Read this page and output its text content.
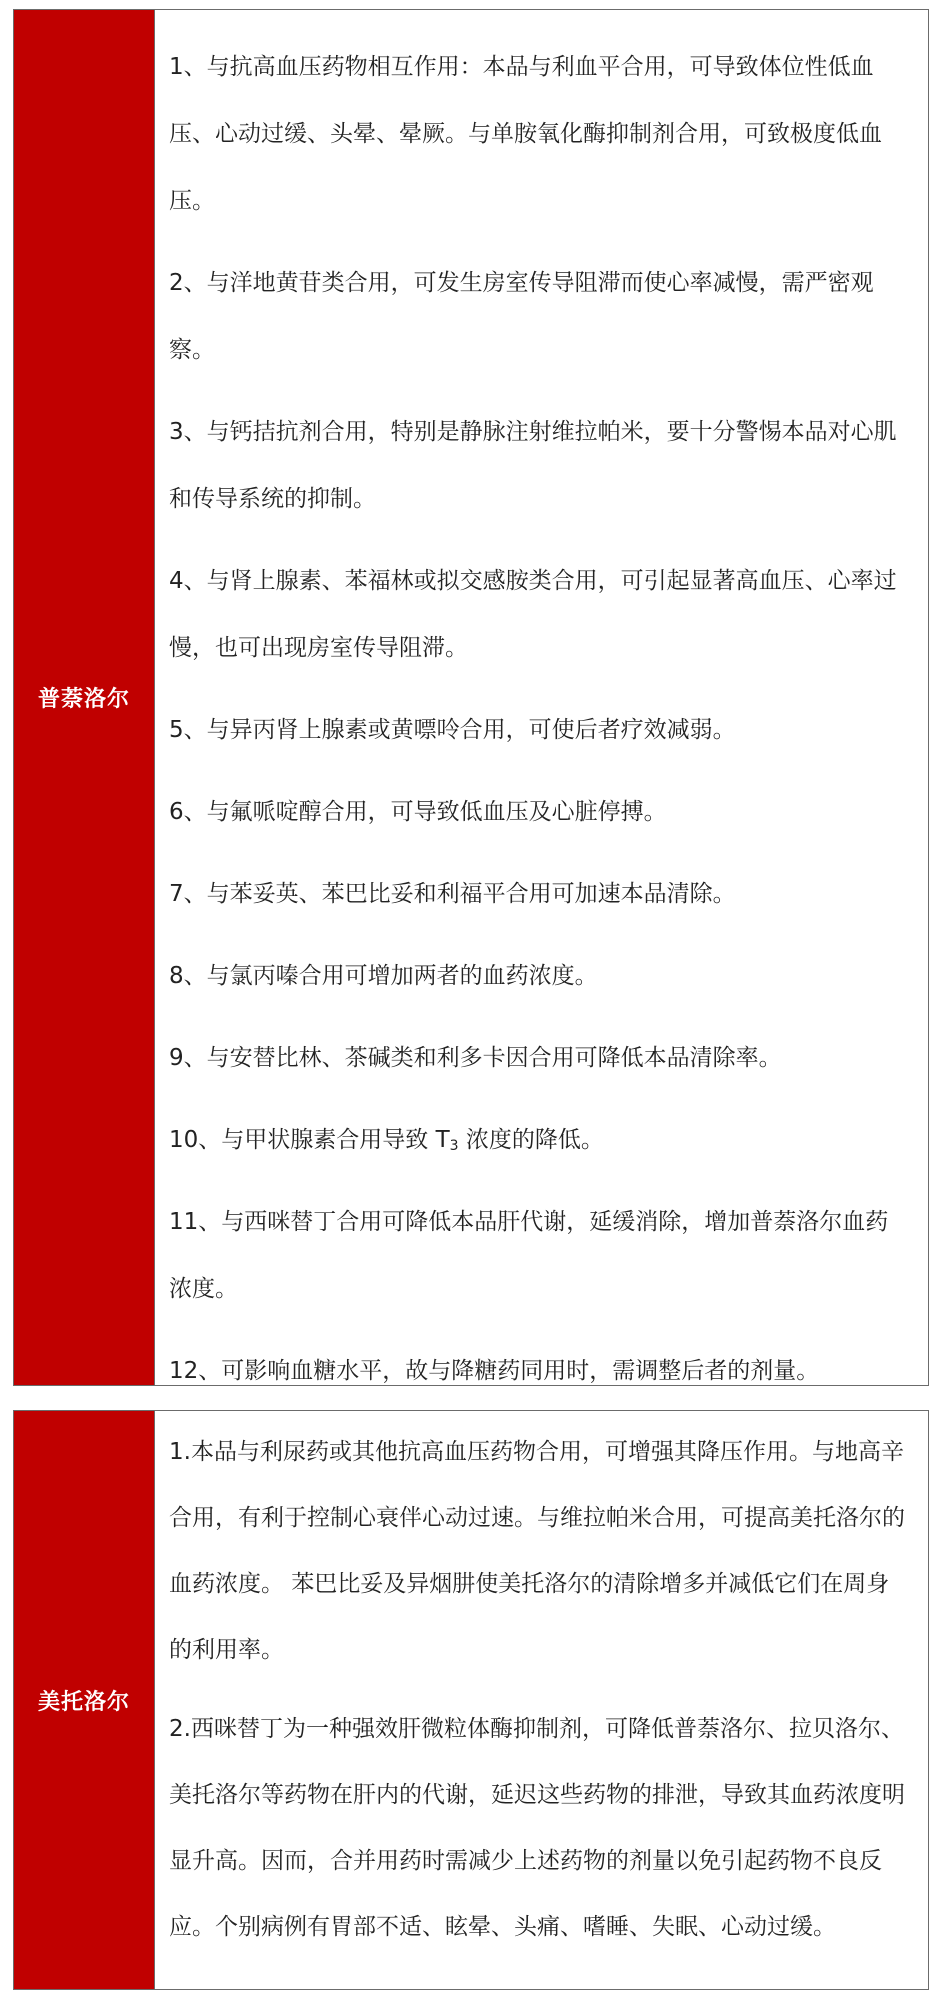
普萘洛尔

1、与抗高血压药物相互作用：本品与利血平合用，可导致体位性低血压、心动过缓、头晕、晕厥。与单胺氧化酶抑制剂合用，可致极度低血压。

2、与洋地黄苷类合用，可发生房室传导阻滞而使心率减慢，需严密观察。

3、与钙拮抗剂合用，特别是静脉注射维拉帕米，要十分警惕本品对心肌和传导系统的抑制。

4、与肾上腺素、苯福林或拟交感胺类合用，可引起显著高血压、心率过慢，也可出现房室传导阻滞。

5、与异丙肾上腺素或黄嘌呤合用，可使后者疗效减弱。

6、与氟哌啶醇合用，可导致低血压及心脏停搏。

7、与苯妥英、苯巴比妥和利福平合用可加速本品清除。

8、与氯丙嗪合用可增加两者的血药浓度。

9、与安替比林、茶碱类和利多卡因合用可降低本品清除率。

10、与甲状腺素合用导致 $T_3$ 浓度的降低。

11、与西咪替丁合用可降低本品肝代谢，延缓消除，增加普萘洛尔血药浓度。

12、可影响血糖水平，故与降糖药同用时，需调整后者的剂量。

美托洛尔

1.本品与利尿药或其他抗高血压药物合用，可增强其降压作用。与地高辛合用，有利于控制心衰伴心动过速。与维拉帕米合用，可提高美托洛尔的血药浓度。 苯巴比妥及异烟肼使美托洛尔的清除增多并减低它们在周身的利用率。

2.西咪替丁为一种强效肝微粒体酶抑制剂，可降低普萘洛尔、拉贝洛尔、美托洛尔等药物在肝内的代谢，延迟这些药物的排泄，导致其血药浓度明显升高。因而，合并用药时需减少上述药物的剂量以免引起药物不良反应。个别病例有胃部不适、眩晕、头痛、嗜睡、失眠、心动过缓。
